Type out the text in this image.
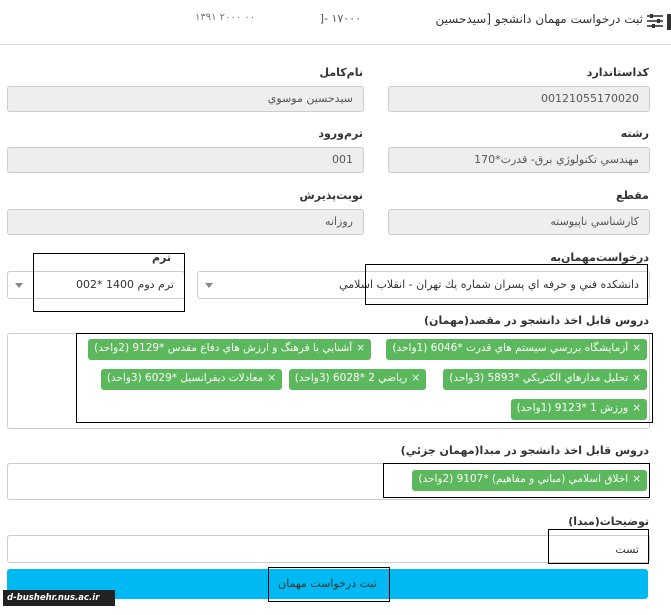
ثبت درخواست مهمان دانشجو [سيدحسين
]- ۱۷۰۰۰
۱۳۹۱ ۲۰۰۰ ۰۰
كداستاندارد
00121055170020
نام‌کامل
سيدحسين موسوي
رشته
مهندسي تكنولوژي برق- قدرت*170
ترم‌ورود
001
مقطع
كارشناسي ناپيوسته
نوبت‌پذيرش
روزانه
درخواست‌مهمان‌به
دانشكده فني و حرفه اي پسران شماره يك تهران - انقلاب اسلامي
ترم
ترم دوم 1400 *002
دروس قابل اخذ دانشجو در مقصد(مهمان)
×آزمايشگاه بررسي سيستم هاي قدرت *6046 (1واحد)
×آشنايي با فرهنگ و ارزش هاي دفاع مقدس *9129 (2واحد)
×تحليل مدارهاي الكتريكي *5893 (3واحد)
×رياضي 2 *6028 (3واحد)
×معادلات ديفرانسيل *6029 (3واحد)
×ورزش 1 *9123 (1واحد)
دروس قابل اخذ دانشجو در مبدا(مهمان جزئي)
×اخلاق اسلامي (مباني و مفاهيم) *9107 (2واحد)
توضيحات(مبدا)
تست
ثبت درخواست مهمان
d-bushehr.nus.ac.ir
